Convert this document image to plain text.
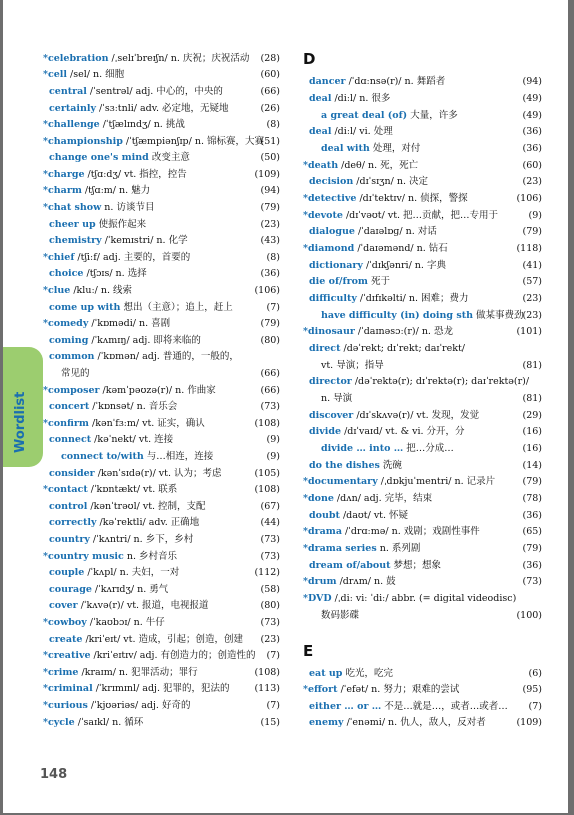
Wordlist
*celebration /ˌselɪˈbreɪʃn/ n. 庆祝；庆祝活动 (28)
*cell /sel/ n. 细胞	(60)
central /ˈsentrəl/ adj. 中心的，中央的	(66)
certainly /ˈsɜːtnli/ adv. 必定地，无疑地	(26)
*challenge /ˈtʃælɪndʒ/ n. 挑战	(8)
*championship /ˈtʃæmpiənʃɪp/ n. 锦标赛，大赛
(51)
change one's mind 改变主意	(50)
*charge /tʃɑːdʒ/ vt. 指控，控告	(109)
*charm /tʃɑːm/ n. 魅力	(94)
*chat show n. 访谈节目	(79)
cheer up 使振作起来	(23)
chemistry /ˈkemɪstri/ n. 化学	(43)
*chief /tʃiːf/ adj. 主要的，首要的	(8)
choice /tʃɔɪs/ n. 选择	(36)
*clue /kluː/ n. 线索	(106)
come up with 想出（主意）；追上，赶上	(7)
*comedy /ˈkɒmədi/ n. 喜剧	(79)
coming /ˈkʌmɪŋ/ adj. 即将来临的	(80)
common /ˈkɒmən/ adj. 普通的，一般的，
常见的	(66)
*composer /kəmˈpəʊzə(r)/ n. 作曲家	(66)
concert /ˈkɒnsət/ n. 音乐会	(73)
*confirm /kənˈfɜːm/ vt. 证实，确认	(108)
connect /kəˈnekt/ vt. 连接	(9)
connect to/with 与…相连，连接	(9)
consider /kənˈsɪdə(r)/ vt. 认为；考虑	(105)
*contact /ˈkɒntækt/ vt. 联系	(108)
control /kənˈtrəʊl/ vt. 控制，支配	(67)
correctly /kəˈrektli/ adv. 正确地	(44)
country /ˈkʌntri/ n. 乡下，乡村	(73)
*country music n. 乡村音乐	(73)
couple /ˈkʌpl/ n. 夫妇，一对	(112)
courage /ˈkʌrɪdʒ/ n. 勇气	(58)
cover /ˈkʌvə(r)/ vt. 报道，电视报道	(80)
*cowboy /ˈkaʊbɔɪ/ n. 牛仔	(73)
create /kriˈeɪt/ vt. 造成，引起；创造，创建 (23)
*creative /kriˈeɪtɪv/ adj. 有创造力的；创造性的 (7)
*crime /kraɪm/ n. 犯罪活动；罪行	(108)
*criminal /ˈkrɪmɪnl/ adj. 犯罪的，犯法的	(113)
*curious /ˈkjʊəriəs/ adj. 好奇的	(7)
*cycle /ˈsaɪkl/ n. 循环	(15)
D
dancer /ˈdɑːnsə(r)/ n. 舞蹈者	(94)
deal /diːl/ n. 很多	(49)
a great deal (of) 大量，许多	(49)
deal /diːl/ vi. 处理	(36)
deal with 处理，对付	(36)
*death /deθ/ n. 死，死亡	(60)
decision /dɪˈsɪʒn/ n. 决定	(23)
*detective /dɪˈtektɪv/ n. 侦探，警探	(106)
*devote /dɪˈvəʊt/ vt. 把…贡献，把…专用于	(9)
dialogue /ˈdaɪəlɒɡ/ n. 对话	(79)
*diamond /ˈdaɪəmənd/ n. 钻石	(118)
dictionary /ˈdɪkʃənri/ n. 字典	(41)
die of/from 死于	(57)
difficulty /ˈdɪfɪkəlti/ n. 困难；费力	(23)
have difficulty (in) doing sth 做某事费劲
(23)
*dinosaur /ˈdaɪnəsɔː(r)/ n. 恐龙	(101)
direct /dəˈrekt; dɪˈrekt; daɪˈrekt/
vt. 导演；指导	(81)
director /dəˈrektə(r); dɪˈrektə(r); daɪˈrektə(r)/
n. 导演	(81)
discover /dɪˈskʌvə(r)/ vt. 发现，发觉	(29)
divide /dɪˈvaɪd/ vt. & vi. 分开，分	(16)
divide … into … 把…分成…	(16)
do the dishes 洗碗	(14)
*documentary /ˌdɒkjuˈmentri/ n. 记录片	(79)
*done /dʌn/ adj. 完毕，结束	(78)
doubt /daʊt/ vt. 怀疑	(36)
*drama /ˈdrɑːmə/ n. 戏剧；戏剧性事件	(65)
*drama series n. 系列剧	(79)
dream of/about 梦想；想象	(36)
*drum /drʌm/ n. 鼓	(73)
*DVD /ˌdiː viː ˈdiː/ abbr. (= digital videodisc)
数码影碟	(100)
E
eat up 吃光，吃完	(6)
*effort /ˈefət/ n. 努力；艰难的尝试	(95)
either … or … 不是…就是…，或者…或者… (7)
enemy /ˈenəmi/ n. 仇人，敌人，反对者	(109)
148
